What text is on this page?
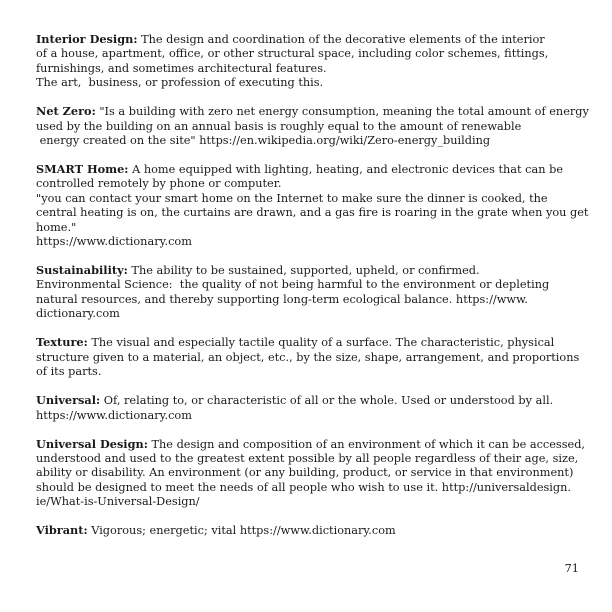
Interior Design: The design and coordination of the decorative elements of the interior
of a house, apartment, office, or other structural space, including color schemes, fittings,
furnishings, and sometimes architectural features.
The art,  business, or profession of executing this.
Net Zero: "Is a building with zero net energy consumption, meaning the total amount of energy
used by the building on an annual basis is roughly equal to the amount of renewable
energy created on the site" https://en.wikipedia.org/wiki/Zero-energy_building
SMART Home: A home equipped with lighting, heating, and electronic devices that can be
controlled remotely by phone or computer.
"you can contact your smart home on the Internet to make sure the dinner is cooked, the
central heating is on, the curtains are drawn, and a gas fire is roaring in the grate when you get
home."
https://www.dictionary.com
Sustainability: The ability to be sustained, supported, upheld, or confirmed.
Environmental Science:  the quality of not being harmful to the environment or depleting
natural resources, and thereby supporting long-term ecological balance. https://www.
dictionary.com
Texture: The visual and especially tactile quality of a surface. The characteristic, physical
structure given to a material, an object, etc., by the size, shape, arrangement, and proportions
of its parts.
Universal: Of, relating to, or characteristic of all or the whole. Used or understood by all.
https://www.dictionary.com
Universal Design: The design and composition of an environment of which it can be accessed,
understood and used to the greatest extent possible by all people regardless of their age, size,
ability or disability. An environment (or any building, product, or service in that environment)
should be designed to meet the needs of all people who wish to use it. http://universaldesign.
ie/What-is-Universal-Design/
Vibrant: Vigorous; energetic; vital https://www.dictionary.com
71
